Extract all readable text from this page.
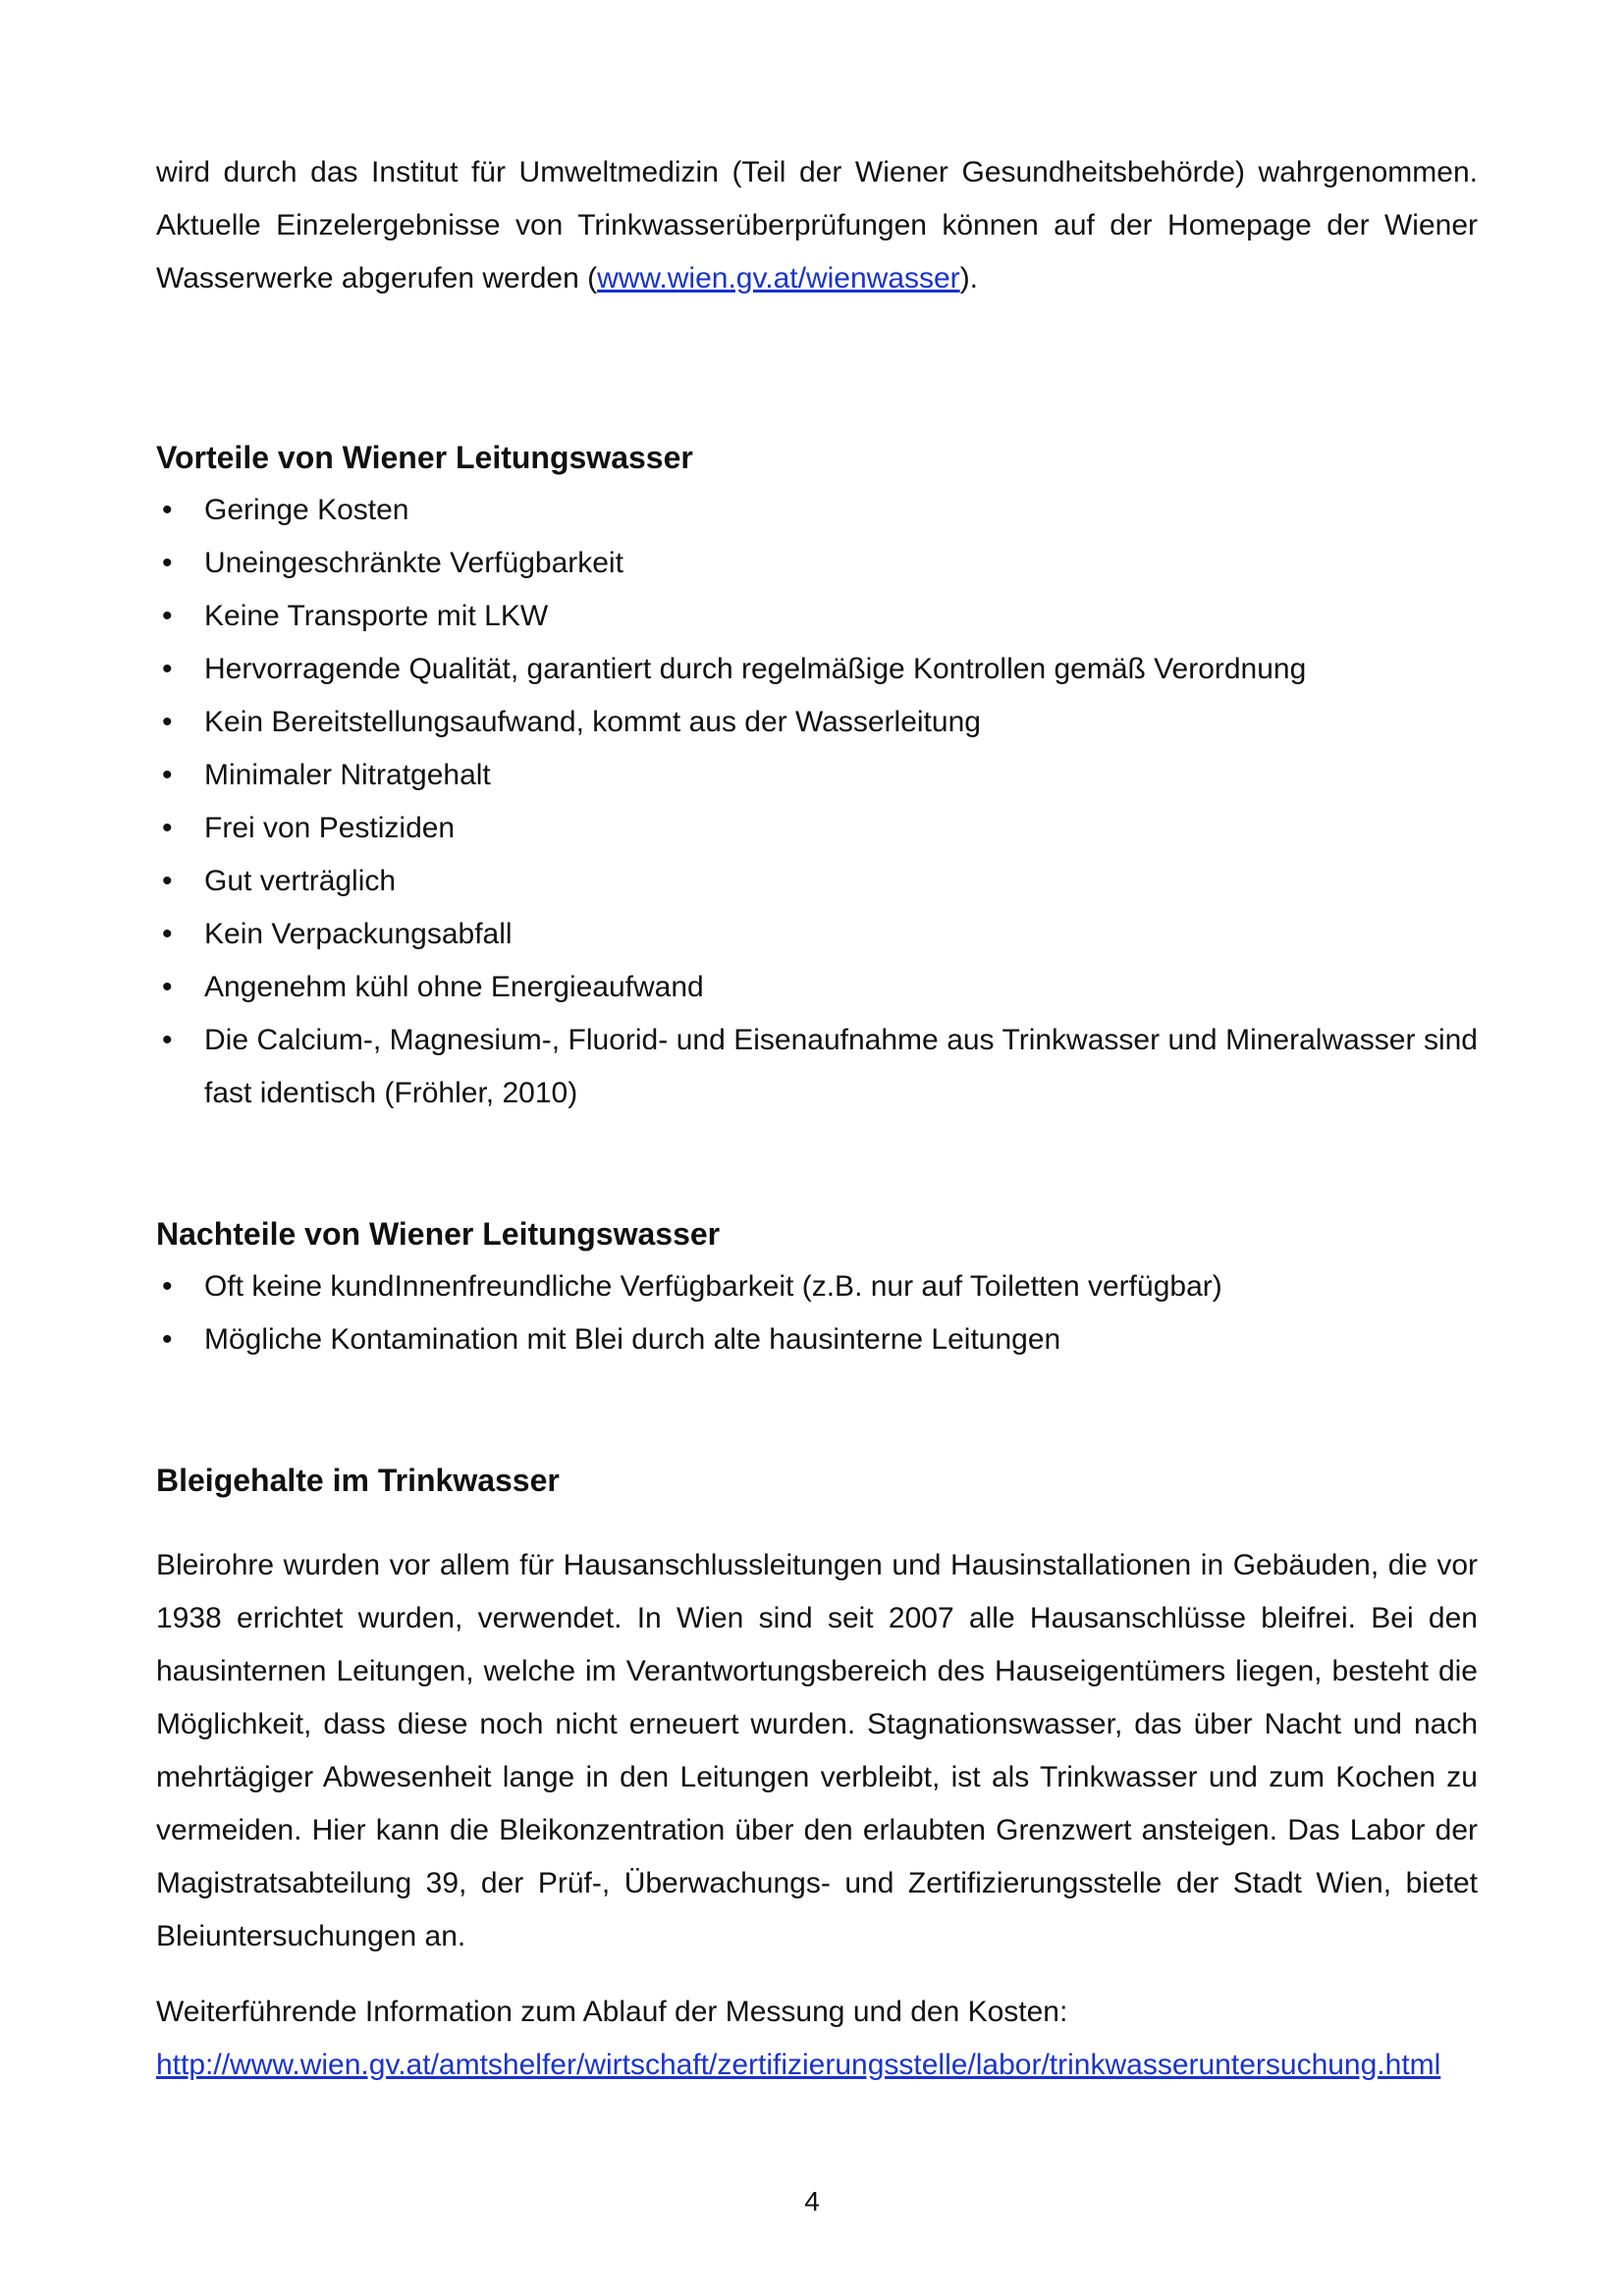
wird durch das Institut für Umweltmedizin (Teil der Wiener Gesundheitsbehörde) wahrgenommen. Aktuelle Einzelergebnisse von Trinkwasserüberprüfungen können auf der Homepage der Wiener Wasserwerke abgerufen werden (www.wien.gv.at/wienwasser).

Vorteile von Wiener Leitungswasser
•	Geringe Kosten
•	Uneingeschränkte Verfügbarkeit
•	Keine Transporte mit LKW
•	Hervorragende Qualität, garantiert durch regelmäßige Kontrollen gemäß Verordnung
•	Kein Bereitstellungsaufwand, kommt aus der Wasserleitung
•	Minimaler Nitratgehalt
•	Frei von Pestiziden
•	Gut verträglich
•	Kein Verpackungsabfall
•	Angenehm kühl ohne Energieaufwand
•	Die Calcium-, Magnesium-, Fluorid- und Eisenaufnahme aus Trinkwasser und Mineralwasser sind fast identisch (Fröhler, 2010)
Nachteile von Wiener Leitungswasser
•	Oft keine kundInnenfreundliche Verfügbarkeit (z.B. nur auf Toiletten verfügbar)
•	Mögliche Kontamination mit Blei durch alte hausinterne Leitungen
Bleigehalte im Trinkwasser

Bleirohre wurden vor allem für Hausanschlussleitungen und Hausinstallationen in Gebäuden, die vor 1938 errichtet wurden, verwendet. In Wien sind seit 2007 alle Hausanschlüsse bleifrei. Bei den hausinternen Leitungen, welche im Verantwortungsbereich des Hauseigentümers liegen, besteht die Möglichkeit, dass diese noch nicht erneuert wurden. Stagnationswasser, das über Nacht und nach mehrtägiger Abwesenheit lange in den Leitungen verbleibt, ist als Trinkwasser und zum Kochen zu vermeiden. Hier kann die Bleikonzentration über den erlaubten Grenzwert ansteigen. Das Labor der Magistratsabteilung 39, der Prüf-, Überwachungs- und Zertifizierungsstelle der Stadt Wien, bietet Bleiuntersuchungen an.

Weiterführende Information zum Ablauf der Messung und den Kosten:
http://www.wien.gv.at/amtshelfer/wirtschaft/zertifizierungsstelle/labor/trinkwasseruntersuchung.html

4
